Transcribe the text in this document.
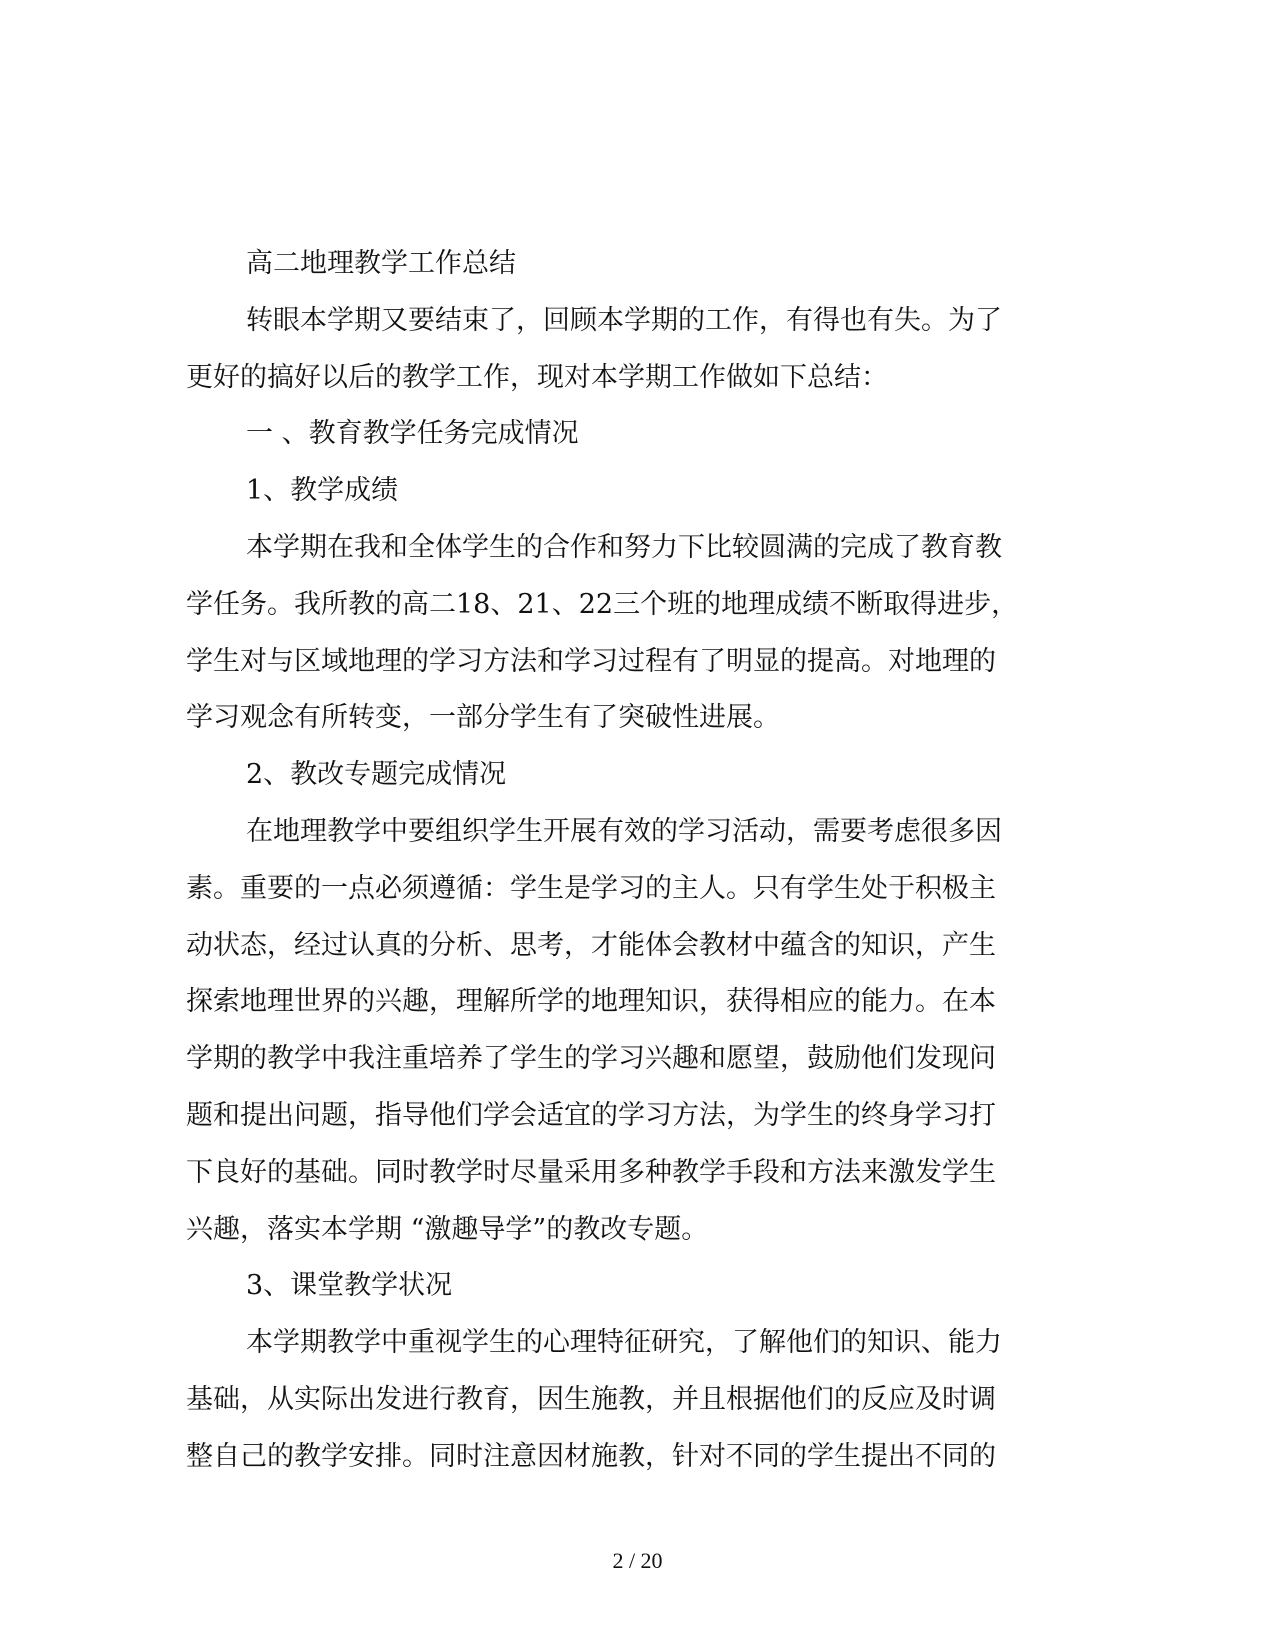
高二地理教学工作总结
转眼本学期又要结束了，回顾本学期的工作，有得也有失。为了
更好的搞好以后的教学工作，现对本学期工作做如下总结：
一 、教育教学任务完成情况
1、教学成绩
本学期在我和全体学生的合作和努力下比较圆满的完成了教育教
学任务。我所教的高二18、21、22三个班的地理成绩不断取得进步，
学生对与区域地理的学习方法和学习过程有了明显的提高。对地理的
学习观念有所转变，一部分学生有了突破性进展。
2、教改专题完成情况
在地理教学中要组织学生开展有效的学习活动，需要考虑很多因
素。重要的一点必须遵循：学生是学习的主人。只有学生处于积极主
动状态，经过认真的分析、思考，才能体会教材中蕴含的知识，产生
探索地理世界的兴趣，理解所学的地理知识，获得相应的能力。在本
学期的教学中我注重培养了学生的学习兴趣和愿望，鼓励他们发现问
题和提出问题，指导他们学会适宜的学习方法，为学生的终身学习打
下良好的基础。同时教学时尽量采用多种教学手段和方法来激发学生
兴趣，落实本学期 “激趣导学”的教改专题。
3、课堂教学状况
本学期教学中重视学生的心理特征研究，了解他们的知识、能力
基础，从实际出发进行教育，因生施教，并且根据他们的反应及时调
整自己的教学安排。同时注意因材施教，针对不同的学生提出不同的
2 / 20
